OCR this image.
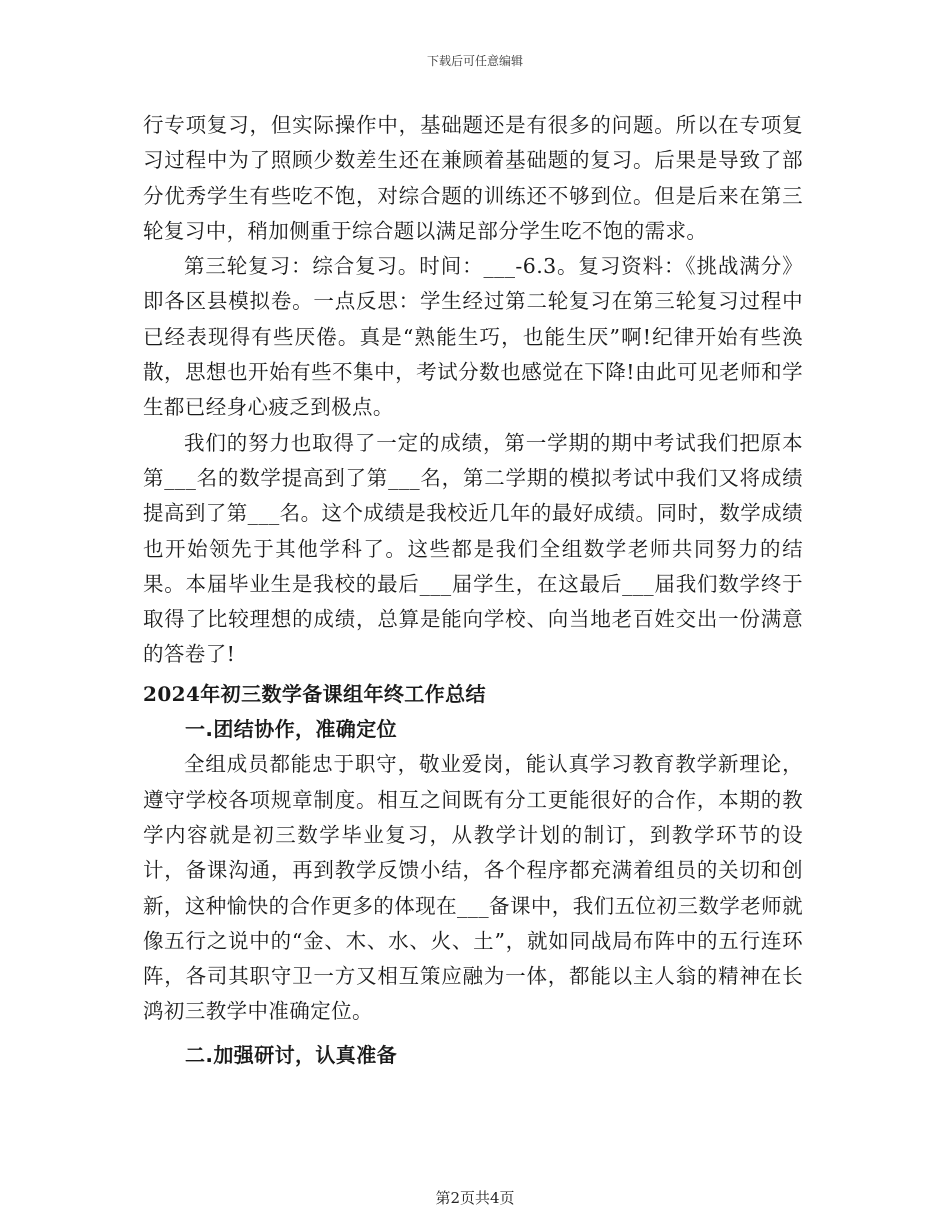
下载后可任意编辑

行专项复习，但实际操作中，基础题还是有很多的问题。所以在专项复习过程中为了照顾少数差生还在兼顾着基础题的复习。后果是导致了部分优秀学生有些吃不饱，对综合题的训练还不够到位。但是后来在第三轮复习中，稍加侧重于综合题以满足部分学生吃不饱的需求。

第三轮复习：综合复习。时间：___-6.3。复习资料：《挑战满分》即各区县模拟卷。一点反思：学生经过第二轮复习在第三轮复习过程中已经表现得有些厌倦。真是“熟能生巧，也能生厌”啊!纪律开始有些涣散，思想也开始有些不集中，考试分数也感觉在下降!由此可见老师和学生都已经身心疲乏到极点。

我们的努力也取得了一定的成绩，第一学期的期中考试我们把原本第___名的数学提高到了第___名，第二学期的模拟考试中我们又将成绩提高到了第___名。这个成绩是我校近几年的最好成绩。同时，数学成绩也开始领先于其他学科了。这些都是我们全组数学老师共同努力的结果。本届毕业生是我校的最后___届学生，在这最后___届我们数学终于取得了比较理想的成绩，总算是能向学校、向当地老百姓交出一份满意的答卷了!

2024年初三数学备课组年终工作总结

一.团结协作，准确定位

全组成员都能忠于职守，敬业爱岗，能认真学习教育教学新理论，遵守学校各项规章制度。相互之间既有分工更能很好的合作，本期的教学内容就是初三数学毕业复习，从教学计划的制订，到教学环节的设计，备课沟通，再到教学反馈小结，各个程序都充满着组员的关切和创新，这种愉快的合作更多的体现在___备课中，我们五位初三数学老师就像五行之说中的“金、木、水、火、土”，就如同战局布阵中的五行连环阵，各司其职守卫一方又相互策应融为一体，都能以主人翁的精神在长鸿初三教学中准确定位。

二.加强研讨，认真准备

第2页共4页
